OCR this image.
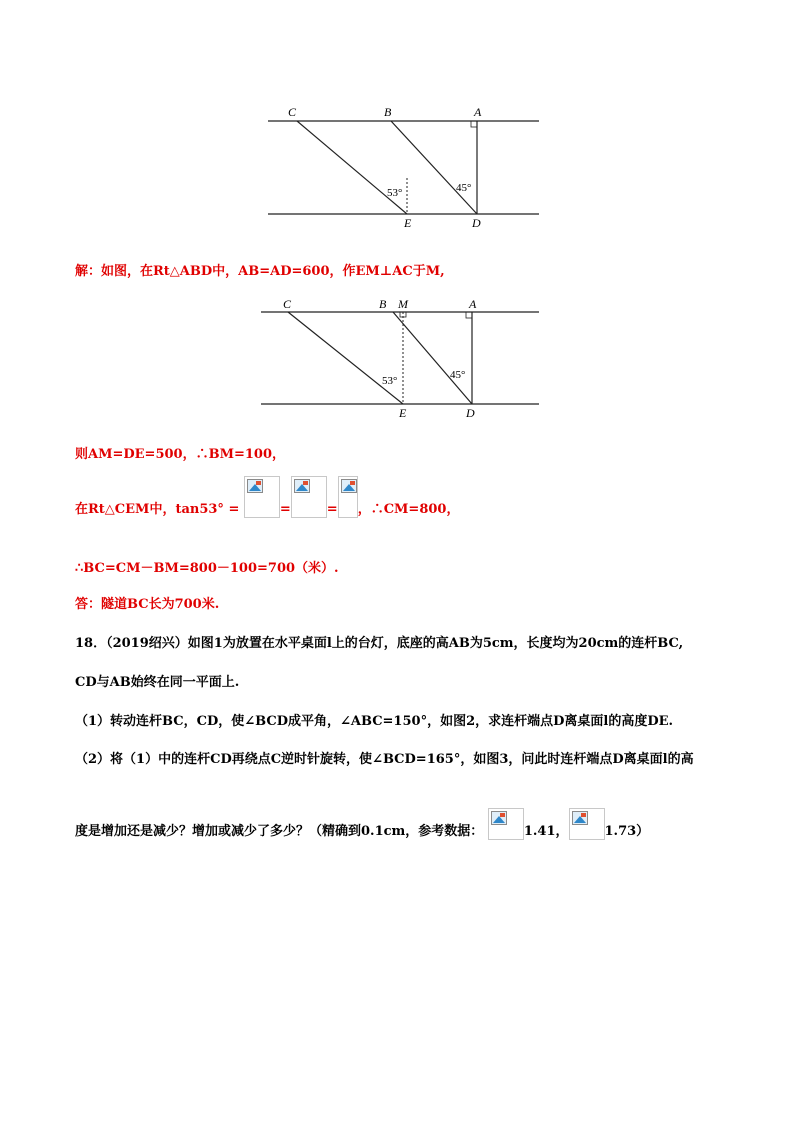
C	B	A
E	D
53°	45°
解：如图，在Rt△ABD中，AB=AD=600，作EM⊥AC于M,
C	B M	A
E	D
53°	45°
则AM=DE=500，∴BM=100，
在Rt△CEM中，tan53° =	=	= ，∴CM=800，
∴BC=CM－BM=800－100=700（米）.
答：隧道BC长为700米.
18．（2019绍兴）如图1为放置在水平桌面l上的台灯，底座的高AB为5cm，长度均为20cm的连杆BC,
CD与AB始终在同一平面上.
（1）转动连杆BC，CD，使∠BCD成平角，∠ABC=150°，如图2，求连杆端点D离桌面l的高度DE.
（2）将（1）中的连杆CD再绕点C逆时针旋转，使∠BCD=165°，如图3，问此时连杆端点D离桌面l的高
度是增加还是减少？增加或减少了多少？（精确到0.1cm，参考数据：	1.41，	1.73）
